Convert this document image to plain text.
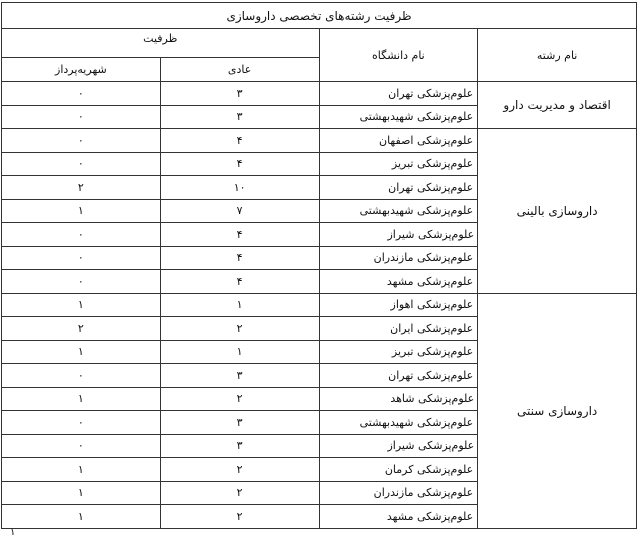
ظرفیت رشته‌های تخصصی داروسازی			
نام رشته	نام دانشگاه	ظرفیت	
		عادی	شهریه‌پرداز
اقتصاد و مدیریت دارو	علوم‌پزشکی تهران	۳	۰
	علوم‌پزشکی شهیدبهشتی	۳	۰
داروسازی بالینی	علوم‌پزشکی اصفهان	۴	۰
	علوم‌پزشکی تبریز	۴	۰
	علوم‌پزشکی تهران	۱۰	۲
	علوم‌پزشکی شهیدبهشتی	۷	۱
	علوم‌پزشکی شیراز	۴	۰
	علوم‌پزشکی مازندران	۴	۰
	علوم‌پزشکی مشهد	۴	۰
داروسازی سنتی	علوم‌پزشکی اهواز	۱	۱
	علوم‌پزشکی ایران	۲	۲
	علوم‌پزشکی تبریز	۱	۱
	علوم‌پزشکی تهران	۳	۰
	علوم‌پزشکی شاهد	۲	۱
	علوم‌پزشکی شهیدبهشتی	۳	۰
	علوم‌پزشکی شیراز	۳	۰
	علوم‌پزشکی کرمان	۲	۱
	علوم‌پزشکی مازندران	۲	۱
	علوم‌پزشکی مشهد	۲	۱
۱
